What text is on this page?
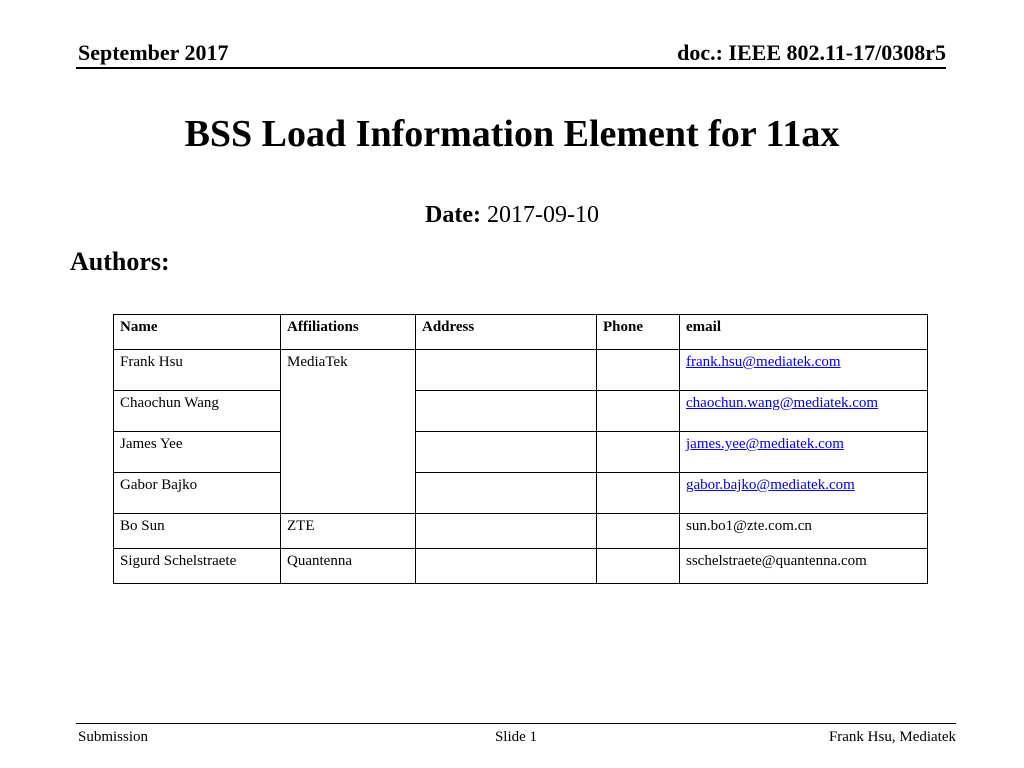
September 2017	doc.: IEEE 802.11-17/0308r5
BSS Load Information Element for 11ax
Date: 2017-09-10
Authors:
Name	Affiliations	Address	Phone	email
Frank Hsu	MediaTek			frank.hsu@mediatek.com
Chaochun Wang				chaochun.wang@mediatek.com
James Yee				james.yee@mediatek.com
Gabor Bajko				gabor.bajko@mediatek.com
Bo Sun	ZTE			sun.bo1@zte.com.cn
Sigurd Schelstraete	Quantenna			sschelstraete@quantenna.com
Submission	Slide 1	Frank Hsu, Mediatek
